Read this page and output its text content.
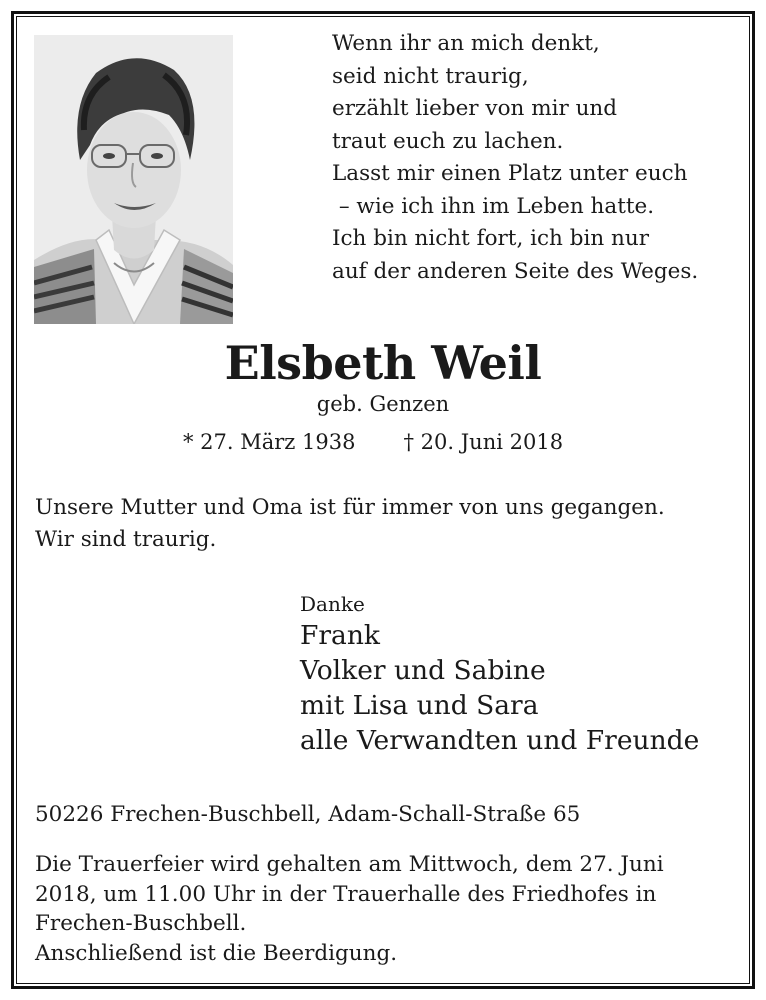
Wenn ihr an mich denkt,
seid nicht traurig,
erzählt lieber von mir und
traut euch zu lachen.
Lasst mir einen Platz unter euch
– wie ich ihn im Leben hatte.
Ich bin nicht fort, ich bin nur
auf der anderen Seite des Weges.
Elsbeth Weil
geb. Genzen
* 27. März 1938 † 20. Juni 2018
Unsere Mutter und Oma ist für immer von uns gegangen.
Wir sind traurig.
Danke
Frank
Volker und Sabine
mit Lisa und Sara
alle Verwandten und Freunde
50226 Frechen-Buschbell, Adam-Schall-Straße 65
Die Trauerfeier wird gehalten am Mittwoch, dem 27. Juni
2018, um 11.00 Uhr in der Trauerhalle des Friedhofes in
Frechen-Buschbell.
Anschließend ist die Beerdigung.
